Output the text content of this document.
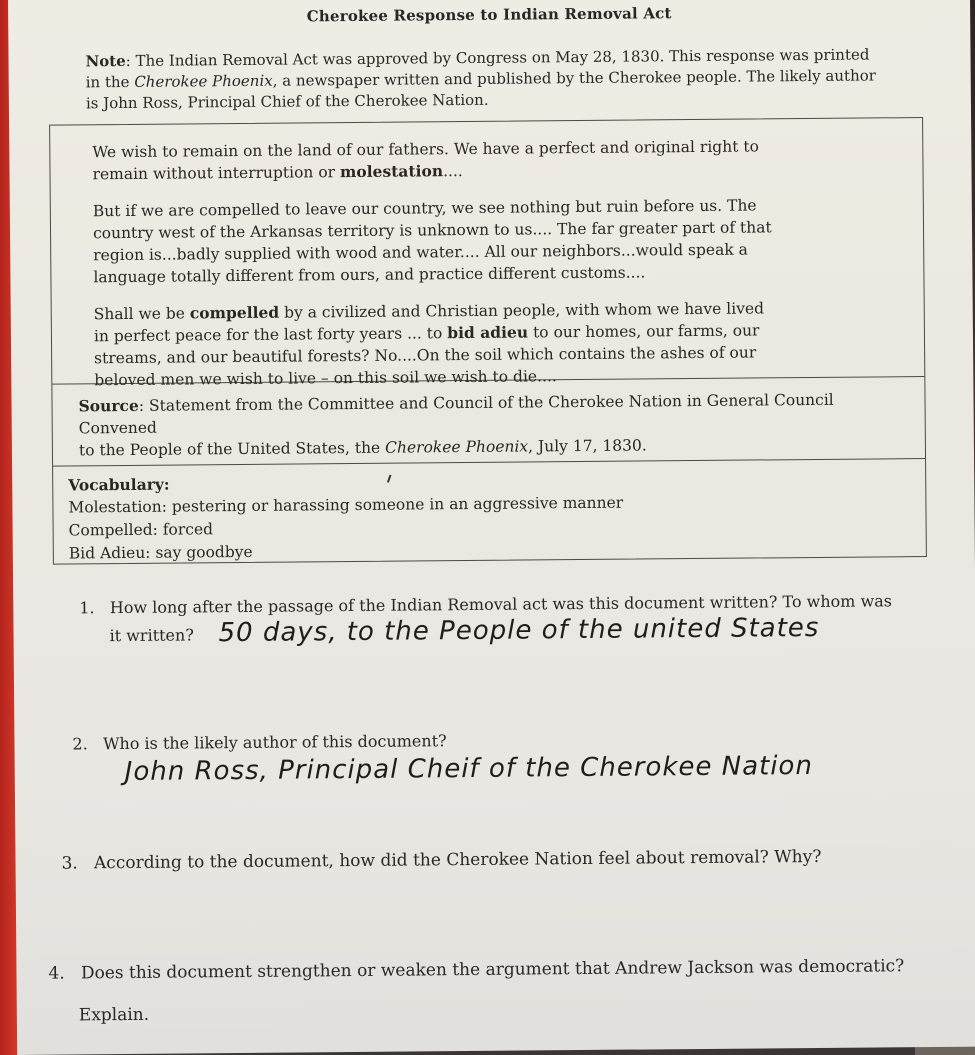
Cherokee Response to Indian Removal Act
Note: The Indian Removal Act was approved by Congress on May 28, 1830. This response was printed in the Cherokee Phoenix, a newspaper written and published by the Cherokee people. The likely author is John Ross, Principal Chief of the Cherokee Nation.

We wish to remain on the land of our fathers. We have a perfect and original right to remain without interruption or molestation....

But if we are compelled to leave our country, we see nothing but ruin before us. The country west of the Arkansas territory is unknown to us.... The far greater part of that region is...badly supplied with wood and water.... All our neighbors...would speak a language totally different from ours, and practice different customs....

Shall we be compelled by a civilized and Christian people, with whom we have lived in perfect peace for the last forty years ... to bid adieu to our homes, our farms, our streams, and our beautiful forests? No....On the soil which contains the ashes of our beloved men we wish to live – on this soil we wish to die....

Source: Statement from the Committee and Council of the Cherokee Nation in General Council Convened
to the People of the United States, the Cherokee Phoenix, July 17, 1830.
Vocabulary:
Molestation: pestering or harassing someone in an aggressive manner
Compelled: forced
Bid Adieu: say goodbye
1. How long after the passage of the Indian Removal act was this document written? To whom was
it written? 50 days, to the People of the united States
2. Who is the likely author of this document?
John Ross, Principal Cheif of the Cherokee Nation
3. According to the document, how did the Cherokee Nation feel about removal? Why?
4. Does this document strengthen or weaken the argument that Andrew Jackson was democratic?
Explain.
